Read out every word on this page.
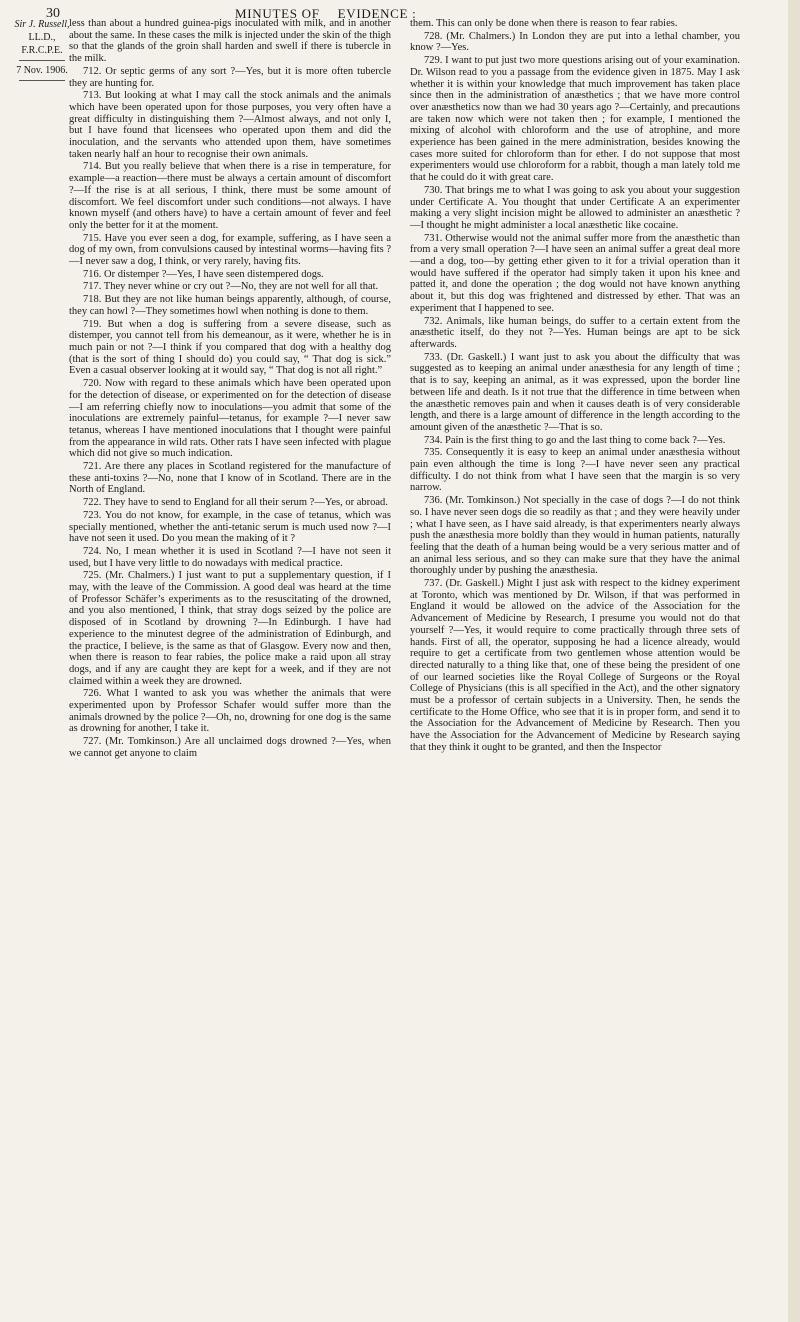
30	MINUTES OF EVIDENCE :
Sir J. Russell,
LL.D.,
F.R.C.P.E.
7 Nov. 1906.

less than about a hundred guinea-pigs inoculated with milk, and in another about the same. In these cases the milk is injected under the skin of the thigh so that the glands of the groin shall harden and swell if there is tubercle in the milk.

712. Or septic germs of any sort ?—Yes, but it is more often tubercle they are hunting for.

713. But looking at what I may call the stock animals and the animals which have been operated upon for those purposes, you very often have a great difficulty in distinguishing them ?—Almost always, and not only I, but I have found that licensees who operated upon them and did the inoculation, and the servants who attended upon them, have sometimes taken nearly half an hour to recognise their own animals.

714. But you really believe that when there is a rise in temperature, for example—a reaction—there must be always a certain amount of discomfort ?—If the rise is at all serious, I think, there must be some amount of discomfort. We feel discomfort under such conditions—not always. I have known myself (and others have) to have a certain amount of fever and feel only the better for it at the moment.

715. Have you ever seen a dog, for example, suffering, as I have seen a dog of my own, from convulsions caused by intestinal worms—having fits ?—I never saw a dog, I think, or very rarely, having fits.

716. Or distemper ?—Yes, I have seen distempered dogs.

717. They never whine or cry out ?—No, they are not well for all that.

718. But they are not like human beings apparently, although, of course, they can howl ?—They sometimes howl when nothing is done to them.

719. But when a dog is suffering from a severe disease, such as distemper, you cannot tell from his demeanour, as it were, whether he is in much pain or not ?—I think if you compared that dog with a healthy dog (that is the sort of thing I should do) you could say, “ That dog is sick.” Even a casual observer looking at it would say, “ That dog is not all right.”

720. Now with regard to these animals which have been operated upon for the detection of disease, or experimented on for the detection of disease—I am referring chiefly now to inoculations—you admit that some of the inoculations are extremely painful—tetanus, for example ?—I never saw tetanus, whereas I have mentioned inoculations that I thought were painful from the appearance in wild rats. Other rats I have seen infected with plague which did not give so much indication.

721. Are there any places in Scotland registered for the manufacture of these anti-toxins ?—No, none that I know of in Scotland. There are in the North of England.

722. They have to send to England for all their serum ?—Yes, or abroad.

723. You do not know, for example, in the case of tetanus, which was specially mentioned, whether the anti-tetanic serum is much used now ?—I have not seen it used. Do you mean the making of it ?

724. No, I mean whether it is used in Scotland ?—I have not seen it used, but I have very little to do nowadays with medical practice.

725. (Mr. Chalmers.) I just want to put a supplementary question, if I may, with the leave of the Commission. A good deal was heard at the time of Professor Schäfer’s experiments as to the resuscitating of the drowned, and you also mentioned, I think, that stray dogs seized by the police are disposed of in Scotland by drowning ?—In Edinburgh. I have had experience to the minutest degree of the administration of Edinburgh, and the practice, I believe, is the same as that of Glasgow. Every now and then, when there is reason to fear rabies, the police make a raid upon all stray dogs, and if any are caught they are kept for a week, and if they are not claimed within a week they are drowned.

726. What I wanted to ask you was whether the animals that were experimented upon by Professor Schafer would suffer more than the animals drowned by the police ?—Oh, no, drowning for one dog is the same as drowning for another, I take it.

727. (Mr. Tomkinson.) Are all unclaimed dogs drowned ?—Yes, when we cannot get anyone to claim

them. This can only be done when there is reason to fear rabies.

728. (Mr. Chalmers.) In London they are put into a lethal chamber, you know ?—Yes.

729. I want to put just two more questions arising out of your examination. Dr. Wilson read to you a passage from the evidence given in 1875. May I ask whether it is within your knowledge that much improvement has taken place since then in the administration of anæsthetics ; that we have more control over anæsthetics now than we had 30 years ago ?—Certainly, and precautions are taken now which were not taken then ; for example, I mentioned the mixing of alcohol with chloroform and the use of atrophine, and more experience has been gained in the mere administration, besides knowing the cases more suited for chloroform than for ether. I do not suppose that most experimenters would use chloroform for a rabbit, though a man lately told me that he could do it with great care.

730. That brings me to what I was going to ask you about your suggestion under Certificate A. You thought that under Certificate A an experimenter making a very slight incision might be allowed to administer an anæsthetic ?—I thought he might administer a local anæsthetic like cocaine.

731. Otherwise would not the animal suffer more from the anæsthetic than from a very small operation ?—I have seen an animal suffer a great deal more—and a dog, too—by getting ether given to it for a trivial operation than it would have suffered if the operator had simply taken it upon his knee and patted it, and done the operation ; the dog would not have known anything about it, but this dog was frightened and distressed by ether. That was an experiment that I happened to see.

732. Animals, like human beings, do suffer to a certain extent from the anæsthetic itself, do they not ?—Yes. Human beings are apt to be sick afterwards.

733. (Dr. Gaskell.) I want just to ask you about the difficulty that was suggested as to keeping an animal under anæsthesia for any length of time ; that is to say, keeping an animal, as it was expressed, upon the border line between life and death. Is it not true that the difference in time between when the anæsthetic removes pain and when it causes death is of very considerable length, and there is a large amount of difference in the length according to the amount given of the anæsthetic ?—That is so.

734. Pain is the first thing to go and the last thing to come back ?—Yes.

735. Consequently it is easy to keep an animal under anæsthesia without pain even although the time is long ?—I have never seen any practical difficulty. I do not think from what I have seen that the margin is so very narrow.

736. (Mr. Tomkinson.) Not specially in the case of dogs ?—I do not think so. I have never seen dogs die so readily as that ; and they were heavily under ; what I have seen, as I have said already, is that experimenters nearly always push the anæsthesia more boldly than they would in human patients, naturally feeling that the death of a human being would be a very serious matter and of an animal less serious, and so they can make sure that they have the animal thoroughly under by pushing the anæsthesia.

737. (Dr. Gaskell.) Might I just ask with respect to the kidney experiment at Toronto, which was mentioned by Dr. Wilson, if that was performed in England it would be allowed on the advice of the Association for the Advancement of Medicine by Research, I presume you would not do that yourself ?—Yes, it would require to come practically through three sets of hands. First of all, the operator, supposing he had a licence already, would require to get a certificate from two gentlemen whose attention would be directed naturally to a thing like that, one of these being the president of one of our learned societies like the Royal College of Surgeons or the Royal College of Physicians (this is all specified in the Act), and the other signatory must be a professor of certain subjects in a University. Then, he sends the certificate to the Home Office, who see that it is in proper form, and send it to the Association for the Advancement of Medicine by Research. Then you have the Association for the Advancement of Medicine by Research saying that they think it ought to be granted, and then the Inspector
